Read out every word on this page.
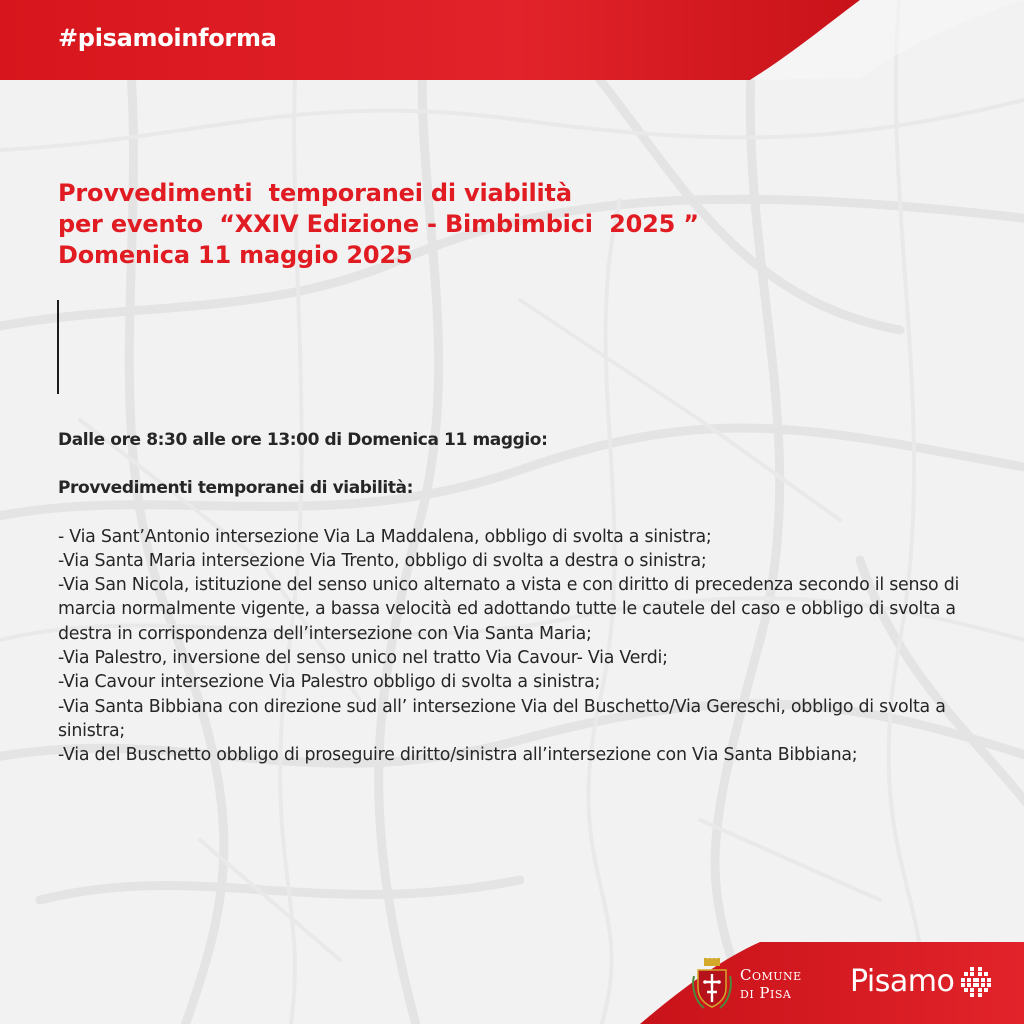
#pisamoinforma
Provvedimenti  temporanei di viabilità
per evento  “XXIV Edizione - Bimbimbici  2025 ”
Domenica 11 maggio 2025
Dalle ore 8:30 alle ore 13:00 di Domenica 11 maggio:
Provvedimenti temporanei di viabilità:
- Via Sant’Antonio intersezione Via La Maddalena, obbligo di svolta a sinistra;
-Via Santa Maria intersezione Via Trento, obbligo di svolta a destra o sinistra;
-Via San Nicola, istituzione del senso unico alternato a vista e con diritto di precedenza secondo il senso di marcia normalmente vigente, a bassa velocità ed adottando tutte le cautele del caso e obbligo di svolta a destra in corrispondenza dell’intersezione con Via Santa Maria;
-Via Palestro, inversione del senso unico nel tratto Via Cavour- Via Verdi;
-Via Cavour intersezione Via Palestro obbligo di svolta a sinistra;
-Via Santa Bibbiana con direzione sud all’ intersezione Via del Buschetto/Via Gereschi, obbligo di svolta a sinistra;
-Via del Buschetto obbligo di proseguire diritto/sinistra all’intersezione con Via Santa Bibbiana;
Comune
di Pisa	Pisamo
